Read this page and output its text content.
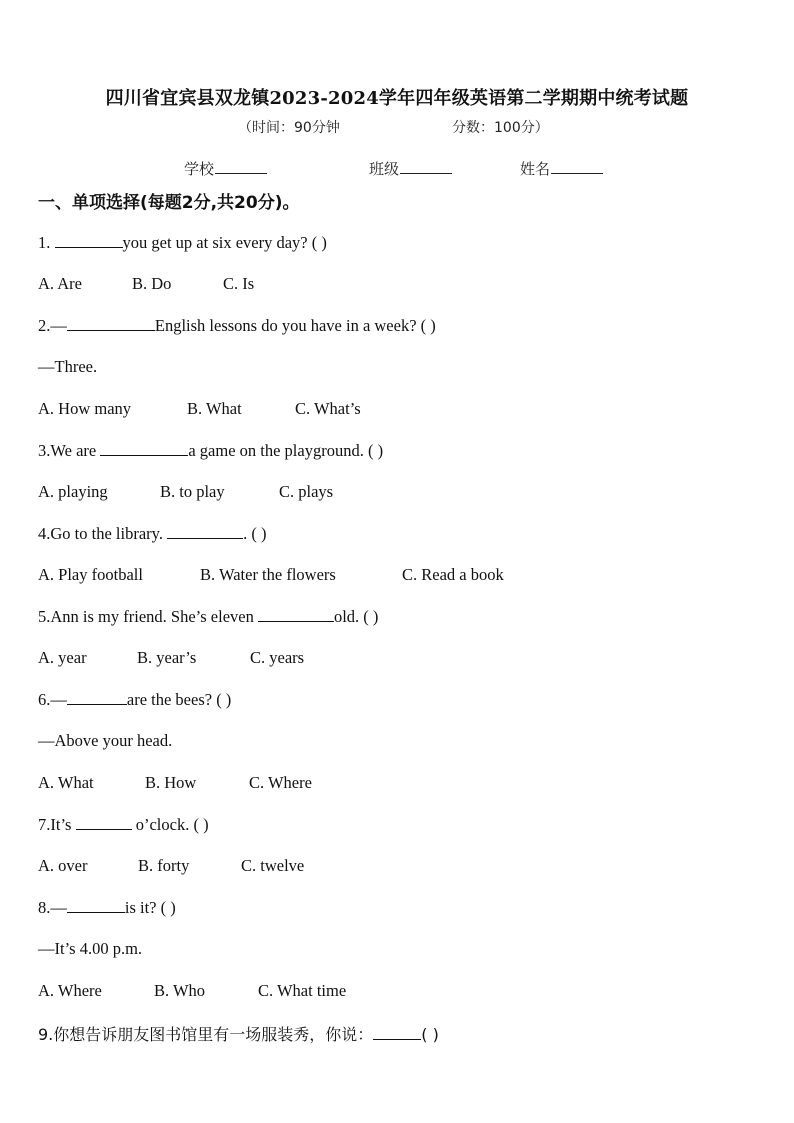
四川省宜宾县双龙镇2023-2024学年四年级英语第二学期期中统考试题
（时间：90分钟	分数：100分）
学校	班级	姓名
一、单项选择(每题2分,共20分)。
1.	you get up at six every day? ( )
A. Are	B. Do	C. Is
2.—	English lessons do you have in a week? ( )
—Three.
A. How many	B. What	C. What’s
3.We are	a game on the playground. ( )
A. playing	B. to play	C. plays
4.Go to the library.	. ( )
A. Play football	B. Water the flowers	C. Read a book
5.Ann is my friend. She’s eleven	old. ( )
A. year	B. year’s	C. years
6.—	are the bees? ( )
—Above your head.
A. What	B. How	C. Where
7.It’s	o’clock. ( )
A. over	B. forty	C. twelve
8.—	is it? ( )
—It’s 4.00 p.m.
A. Where	B. Who	C. What time
9.你想告诉朋友图书馆里有一场服装秀，你说：	( )
